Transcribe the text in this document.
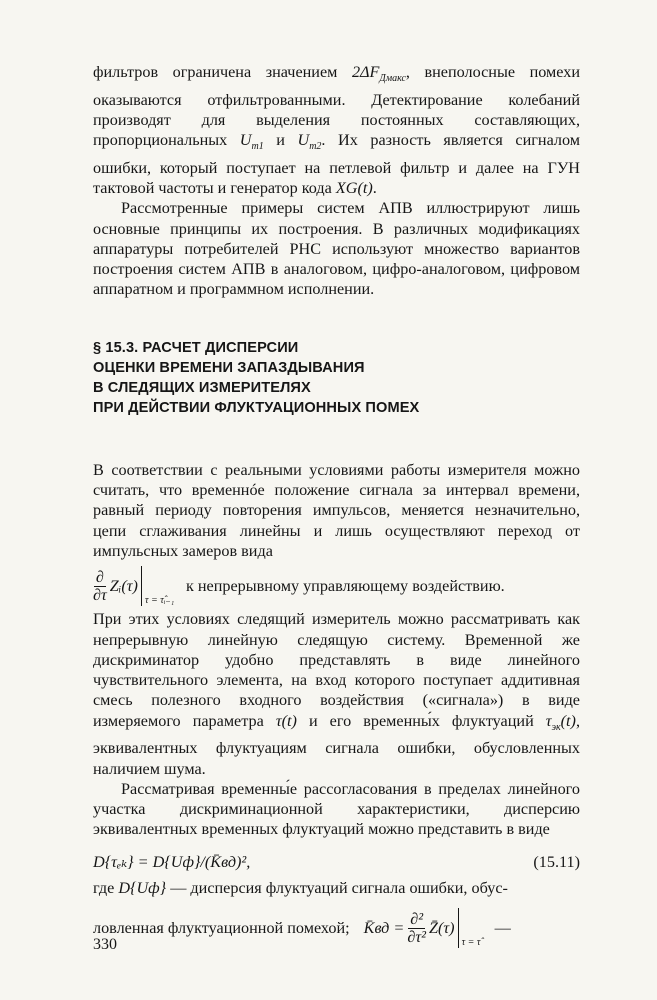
фильтров ограничена значением $2\Delta F_{Дмакс}$, внеполосные помехи оказываются отфильтрованными. Детектирование колебаний производят для выделения постоянных составляющих, пропорциональных $U_{m1}$ и $U_{m2}$. Их разность является сигналом ошибки, который поступает на петлевой фильтр и далее на ГУН тактовой частоты и генератор кода XG(t).

Рассмотренные примеры систем АПВ иллюстрируют лишь основные принципы их построения. В различных модификациях аппаратуры потребителей РНС используют множество вариантов построения систем АПВ в аналоговом, цифро-аналоговом, цифровом аппаратном и программном исполнении.

§ 15.3. РАСЧЕТ ДИСПЕРСИИ
ОЦЕНКИ ВРЕМЕНИ ЗАПАЗДЫВАНИЯ
В СЛЕДЯЩИХ ИЗМЕРИТЕЛЯХ
ПРИ ДЕЙСТВИИ ФЛУКТУАЦИОННЫХ ПОМЕХ

В соответствии с реальными условиями работы измерителя можно считать, что временнóе положение сигнала за интервал времени, равный периоду повторения импульсов, меняется незначительно, цепи сглаживания линейны и лишь осуществляют переход от импульсных замеров вида

$\frac{\partial}{\partial\tau}$ Zᵢ(τ)
τ = τ̂ᵢ₋₁
к непрерывному управляющему воздействию.

При этих условиях следящий измеритель можно рассматривать как непрерывную линейную следящую систему. Временной же дискриминатор удобно представлять в виде линейного чувствительного элемента, на вход которого поступает аддитивная смесь полезного входного воздействия («сигнала») в виде измеряемого параметра τ(t) и его временны́х флуктуаций $\tau_{эк}(t)$, эквивалентных флуктуациям сигнала ошибки, обусловленных наличием шума.

Рассматривая временны́е рассогласования в пределах линейного участка дискриминационной характеристики, дисперсию эквивалентных временных флуктуаций можно представить в виде

D{τₑₖ} = D{Uф}/(K̄вд)²,	(15.11)

где D{Uф} — дисперсия флуктуаций сигнала ошибки, обус-

ловленная флуктуационной помехой; K̄вд = $\frac{\text{∂²}}{\text{∂τ²}}$ Z̄(τ)
τ = τ̂
—
330
